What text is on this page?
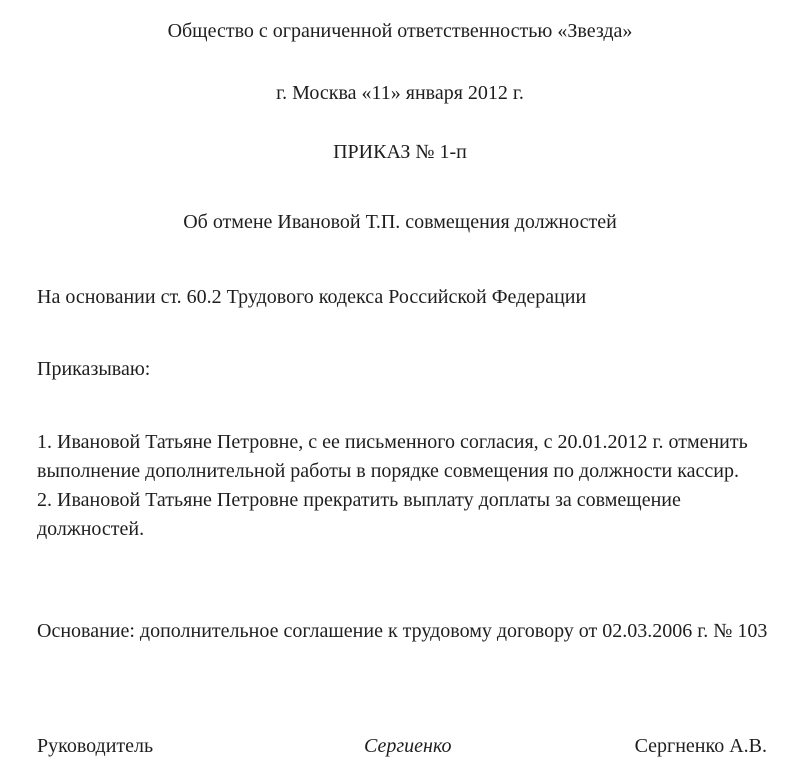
Общество с ограниченной ответственностью «Звезда»
г. Москва «11» января 2012 г.
ПРИКАЗ № 1-п
Об отмене Ивановой Т.П. совмещения должностей
На основании ст. 60.2 Трудового кодекса Российской Федерации
Приказываю:

1. Ивановой Татьяне Петровне, с ее письменного согласия, с 20.01.2012 г. отменить выполнение дополнительной работы в порядке совмещения по должности кассир.

2. Ивановой Татьяне Петровне прекратить выплату доплаты за совмещение должностей.

Основание: дополнительное соглашение к трудовому договору от 02.03.2006 г. № 103
Руководитель	Сергиенко	Сергненко А.В.
